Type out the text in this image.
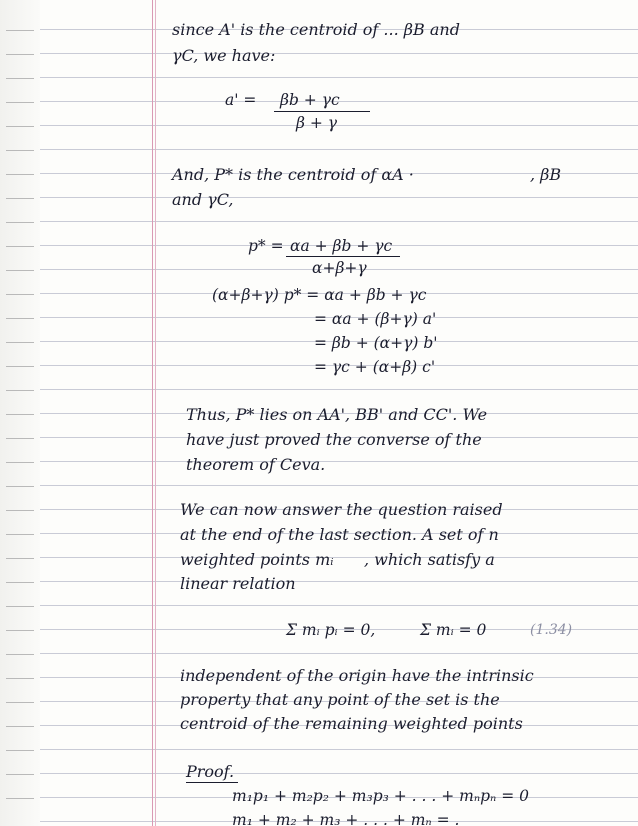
since A' is the centroid of ... βB and
γC, we have:
a' = βb + γc
β + γ
And, P* is the centroid of αA ·	, βB
and γC,
p* = αa + βb + γc
α+β+γ
(α+β+γ) p* = αa + βb + γc
= αa + (β+γ) a'
= βb + (α+γ) b'
= γc + (α+β) c'
Thus, P* lies on AA', BB' and CC'. We
have just proved the converse of the
theorem of Ceva.
We can now answer the question raised
at the end of the last section. A set of n
weighted points mᵢ , which satisfy a
linear relation
Σ mᵢ pᵢ = 0,	Σ mᵢ = 0	(1.34)
independent of the origin have the intrinsic
property that any point of the set is the
centroid of the remaining weighted points
Proof.
m₁p₁ + m₂p₂ + m₃p₃ + . . . + mₙpₙ = 0
m₁ + m₂ + m₃ + . . . + mₙ = .
